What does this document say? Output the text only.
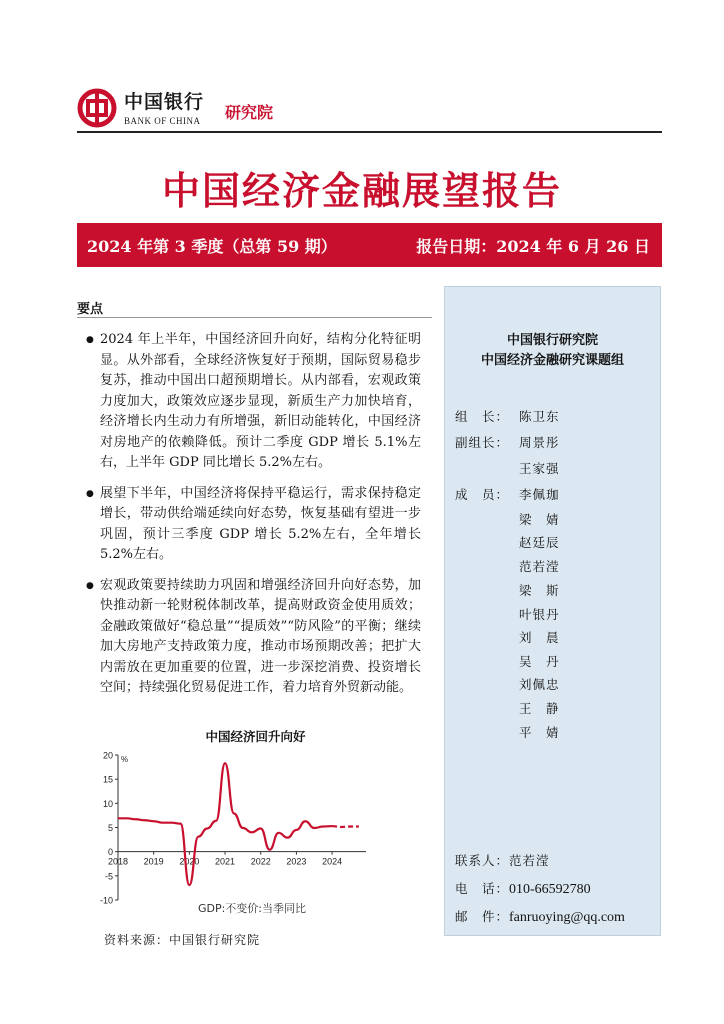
中国银行
BANK OF CHINA 研究院
中国经济金融展望报告
2024 年第 3 季度（总第 59 期）	报告日期：2024 年 6 月 26 日
要点
● 2024 年上半年，中国经济回升向好，结构分化特征明显。从外部看，全球经济恢复好于预期，国际贸易稳步复苏，推动中国出口超预期增长。从内部看，宏观政策力度加大，政策效应逐步显现，新质生产力加快培育，经济增长内生动力有所增强，新旧动能转化，中国经济对房地产的依赖降低。预计二季度 GDP 增长 5.1%左右，上半年 GDP 同比增长 5.2%左右。
● 展望下半年，中国经济将保持平稳运行，需求保持稳定增长，带动供给端延续向好态势，恢复基础有望进一步巩固，预计三季度 GDP 增长 5.2%左右，全年增长 5.2%左右。
● 宏观政策要持续助力巩固和增强经济回升向好态势，加快推动新一轮财税体制改革，提高财政资金使用质效；金融政策做好“稳总量”“提质效”“防风险”的平衡；继续加大房地产支持政策力度，推动市场预期改善；把扩大内需放在更加重要的位置，进一步深挖消费、投资增长空间；持续强化贸易促进工作，着力培育外贸新动能。
中国经济回升向好
20
15
10
5
0
-5
-10
%
2018 2019 2020 2021 2022 2023 2024
GDP:不变价:当季同比
资料来源：中国银行研究院
中国银行研究院
中国经济金融研究课题组
组　长： 陈卫东
副组长： 周景彤
王家强
成　员： 李佩珈
梁　婧
赵廷辰
范若滢
梁　斯
叶银丹
刘　晨
吴　丹
刘佩忠
王　静
平　婧
联系人：范若滢
电　话：010-66592780
邮　件：fanruoying@qq.com
